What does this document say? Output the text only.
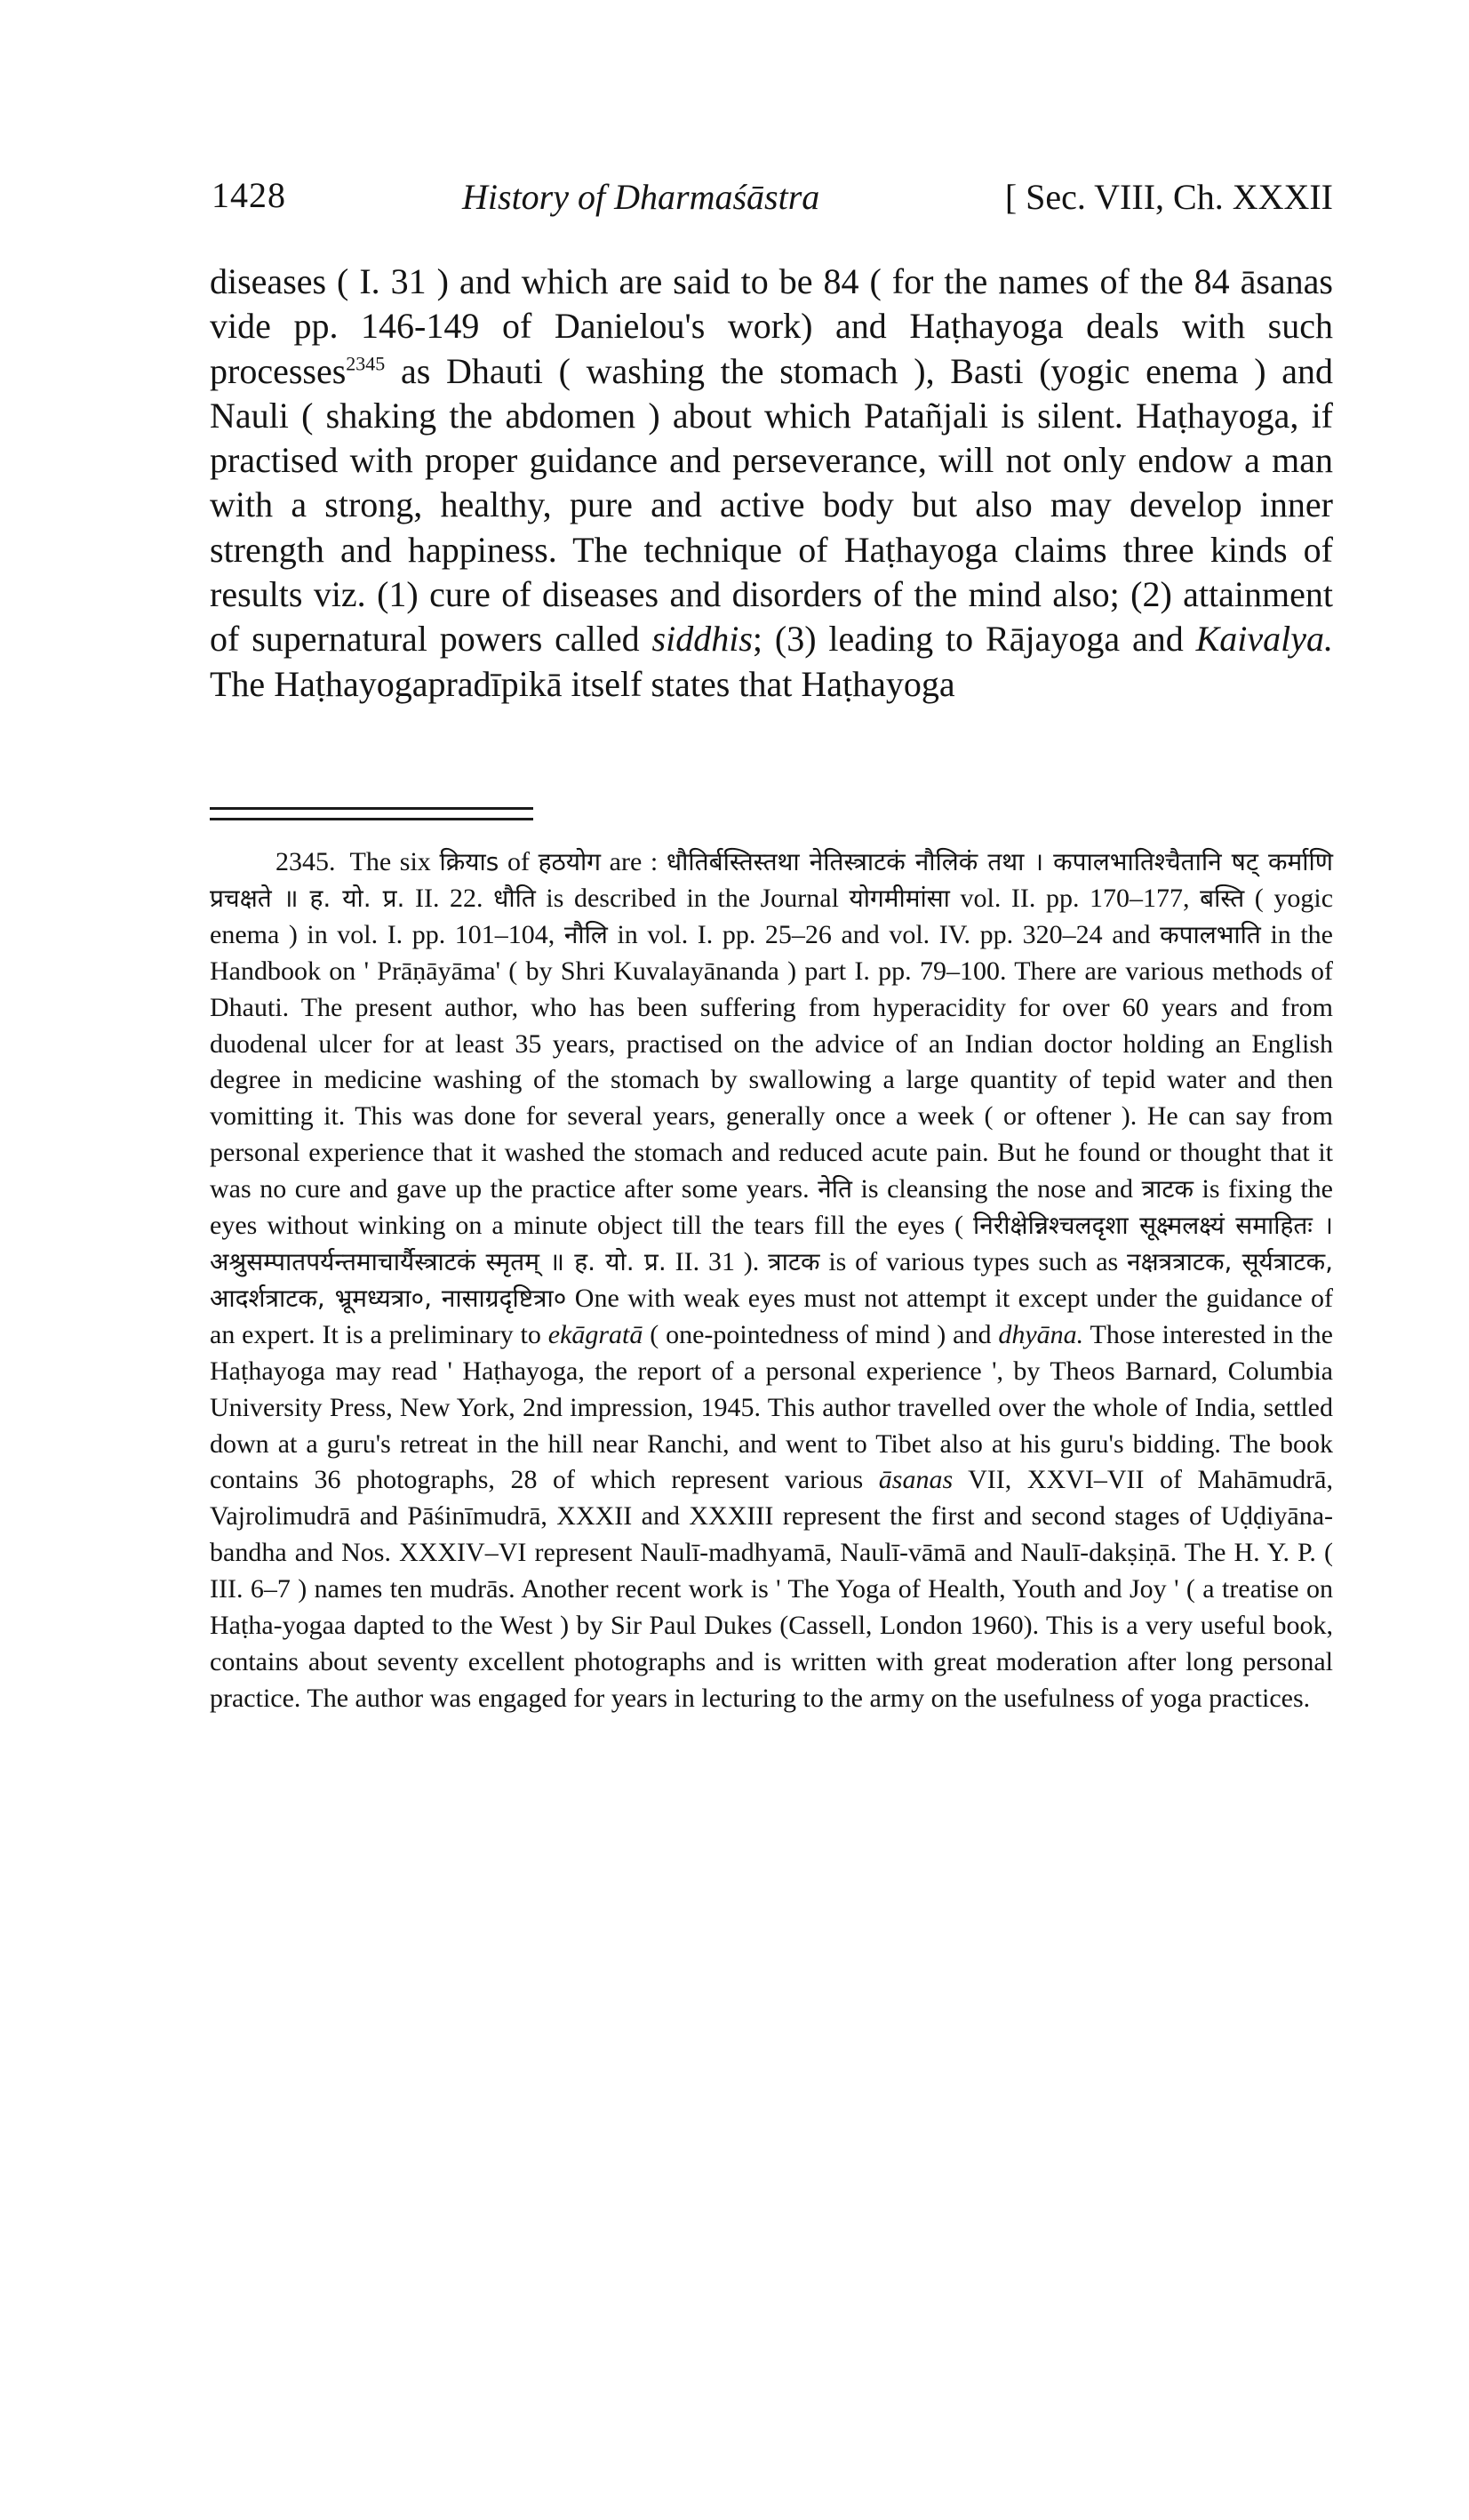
1428	History of Dharmaśāstra	[ Sec. VIII, Ch. XXXII

diseases ( I. 31 ) and which are said to be 84 ( for the names of the 84 āsanas vide pp. 146-149 of Danielou's work) and Haṭhayoga deals with such processes$^{2345}$ as Dhauti ( washing the stomach ), Basti (yogic enema ) and Nauli ( shaking the abdomen ) about which Patañjali is silent. Haṭhayoga, if practised with proper guidance and perseverance, will not only endow a man with a strong, healthy, pure and active body but also may develop inner strength and happiness. The technique of Haṭhayoga claims three kinds of results viz. (1) cure of diseases and disorders of the mind also; (2) attainment of supernatural powers called siddhis; (3) leading to Rājayoga and Kaivalya. The Haṭhayogapradīpikā itself states that Haṭhayoga

2345. The six क्रियाs of हठयोग are : धौतिर्बस्तिस्तथा नेतिस्त्राटकं नौलिकं तथा । कपालभातिश्चैतानि षट् कर्माणि प्रचक्षते ॥ ह. यो. प्र. II. 22. धौति is described in the Journal योगमीमांसा vol. II. pp. 170–177, बस्ति ( yogic enema ) in vol. I. pp. 101–104, नौलि in vol. I. pp. 25–26 and vol. IV. pp. 320–24 and कपालभाति in the Handbook on ' Prāṇāyāma' ( by Shri Kuvalayānanda ) part I. pp. 79–100. There are various methods of Dhauti. The present author, who has been suffering from hyperacidity for over 60 years and from duodenal ulcer for at least 35 years, practised on the advice of an Indian doctor holding an English degree in medicine washing of the stomach by swallowing a large quantity of tepid water and then vomitting it. This was done for several years, generally once a week ( or oftener ). He can say from personal experience that it washed the stomach and reduced acute pain. But he found or thought that it was no cure and gave up the practice after some years. नेति is cleansing the nose and त्राटक is fixing the eyes without winking on a minute object till the tears fill the eyes ( निरीक्षेन्निश्चलदृशा सूक्ष्मलक्ष्यं समाहितः । अश्रुसम्पातपर्यन्तमाचार्यैस्त्राटकं स्मृतम् ॥ ह. यो. प्र. II. 31 ). त्राटक is of various types such as नक्षत्रत्राटक, सूर्यत्राटक, आदर्शत्राटक, भ्रूमध्यत्रा०, नासाग्रदृष्टित्रा० One with weak eyes must not attempt it except under the guidance of an expert. It is a preliminary to ekāgratā ( one-pointedness of mind ) and dhyāna. Those interested in the Haṭhayoga may read ' Haṭhayoga, the report of a personal experience ', by Theos Barnard, Columbia University Press, New York, 2nd impression, 1945. This author travelled over the whole of India, settled down at a guru's retreat in the hill near Ranchi, and went to Tibet also at his guru's bidding. The book contains 36 photographs, 28 of which represent various āsanas VII, XXVI–VII of Mahāmudrā, Vajrolimudrā and Pāśinīmudrā, XXXII and XXXIII represent the first and second stages of Uḍḍiyāna-bandha and Nos. XXXIV–VI represent Naulī-madhyamā, Naulī-vāmā and Naulī-dakṣiṇā. The H. Y. P. ( III. 6–7 ) names ten mudrās. Another recent work is ' The Yoga of Health, Youth and Joy ' ( a treatise on Haṭha-yogaa dapted to the West ) by Sir Paul Dukes (Cassell, London 1960). This is a very useful book, contains about seventy excellent photographs and is written with great moderation after long personal practice. The author was engaged for years in lecturing to the army on the usefulness of yoga practices.
